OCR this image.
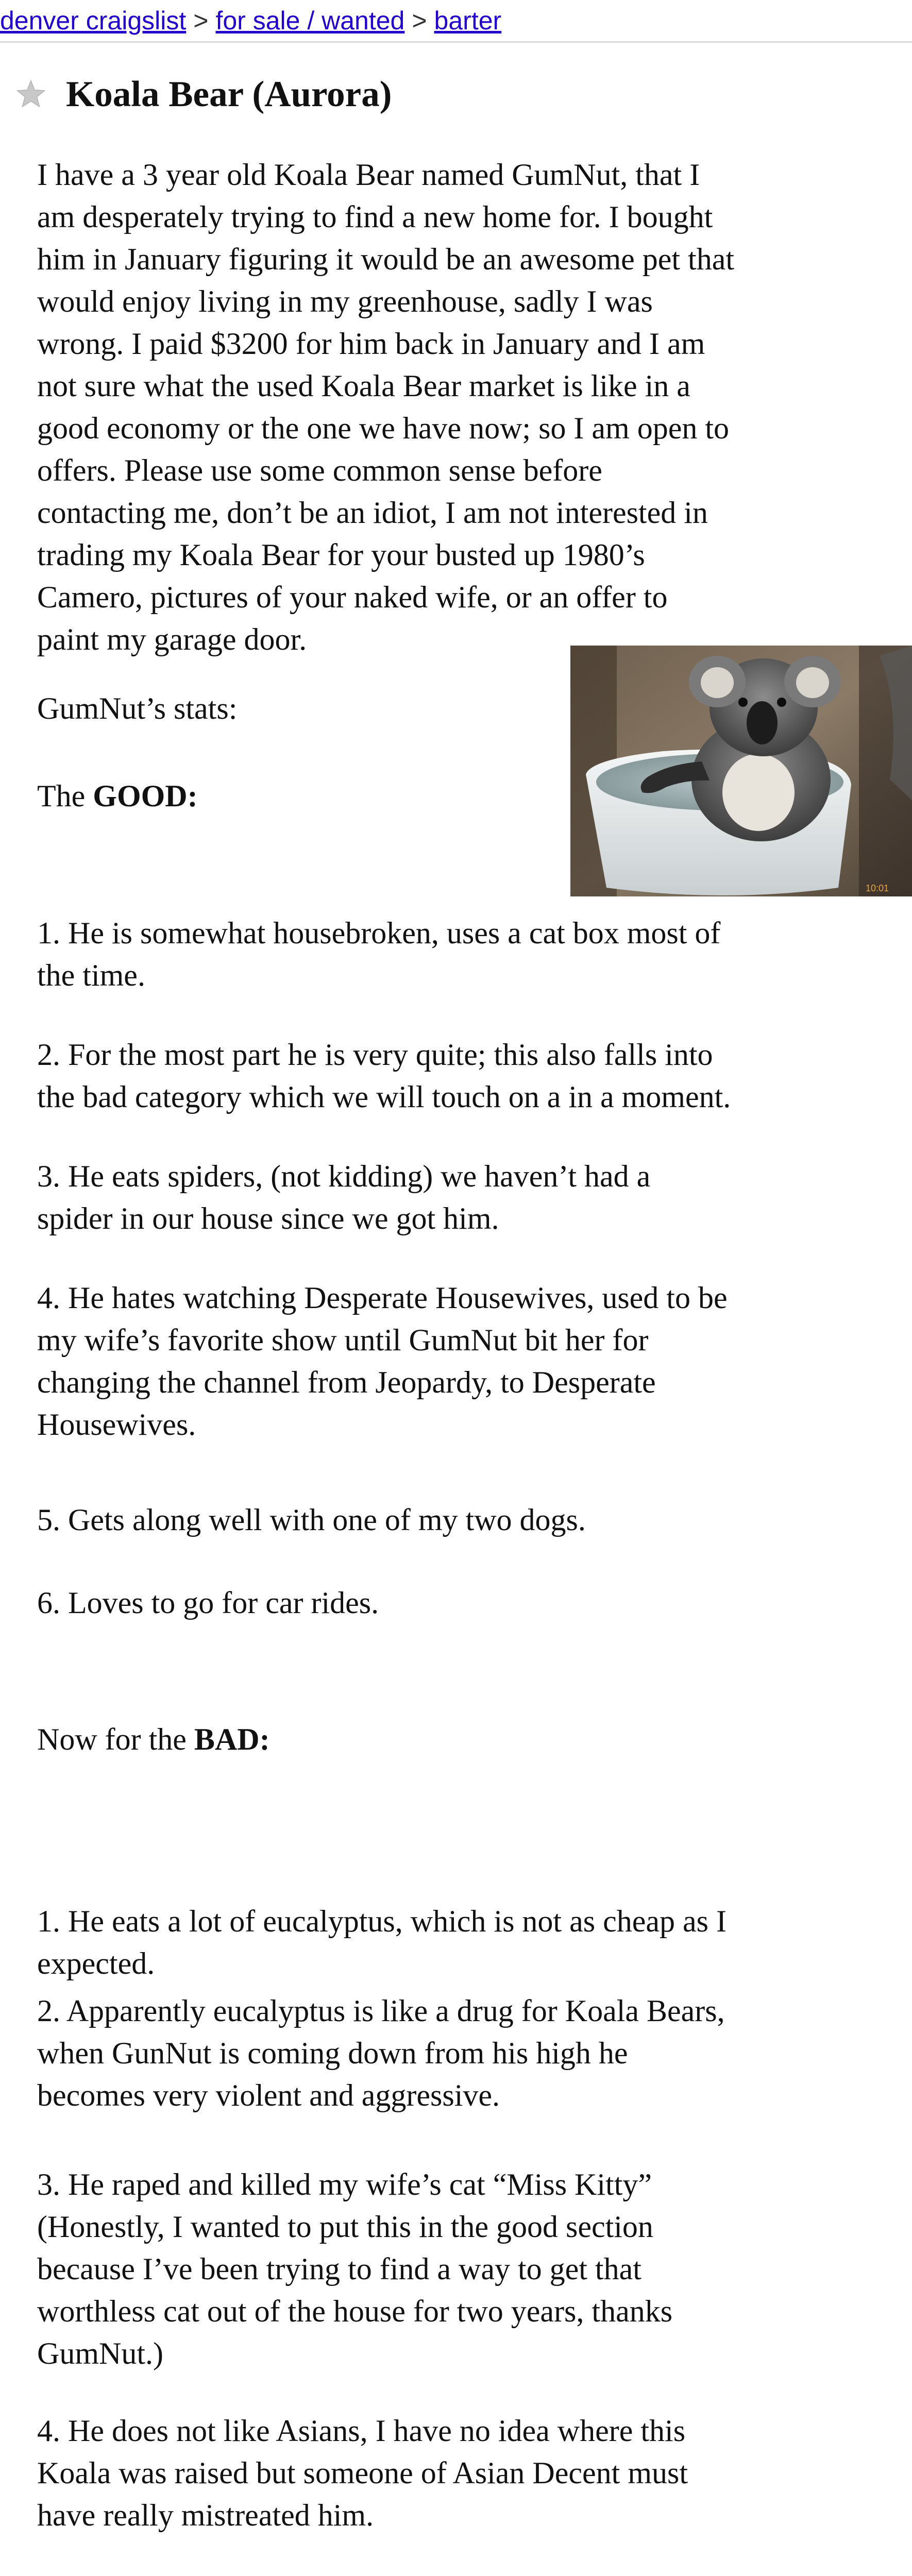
denver craigslist > for sale / wanted > barter
Koala Bear (Aurora)
I have a 3 year old Koala Bear named GumNut, that I
am desperately trying to find a new home for. I bought
him in January figuring it would be an awesome pet that
would enjoy living in my greenhouse, sadly I was
wrong. I paid $3200 for him back in January and I am
not sure what the used Koala Bear market is like in a
good economy or the one we have now; so I am open to
offers. Please use some common sense before
contacting me, don’t be an idiot, I am not interested in
trading my Koala Bear for your busted up 1980’s
Camero, pictures of your naked wife, or an offer to
paint my garage door.
10:01
GumNut’s stats:
The GOOD:
1. He is somewhat housebroken, uses a cat box most of
the time.
2. For the most part he is very quite; this also falls into
the bad category which we will touch on a in a moment.
3. He eats spiders, (not kidding) we haven’t had a
spider in our house since we got him.
4. He hates watching Desperate Housewives, used to be
my wife’s favorite show until GumNut bit her for
changing the channel from Jeopardy, to Desperate
Housewives.
5. Gets along well with one of my two dogs.
6. Loves to go for car rides.
Now for the BAD:
1. He eats a lot of eucalyptus, which is not as cheap as I
expected.
2. Apparently eucalyptus is like a drug for Koala Bears,
when GunNut is coming down from his high he
becomes very violent and aggressive.
3. He raped and killed my wife’s cat “Miss Kitty”
(Honestly, I wanted to put this in the good section
because I’ve been trying to find a way to get that
worthless cat out of the house for two years, thanks
GumNut.)
4. He does not like Asians, I have no idea where this
Koala was raised but someone of Asian Decent must
have really mistreated him.
